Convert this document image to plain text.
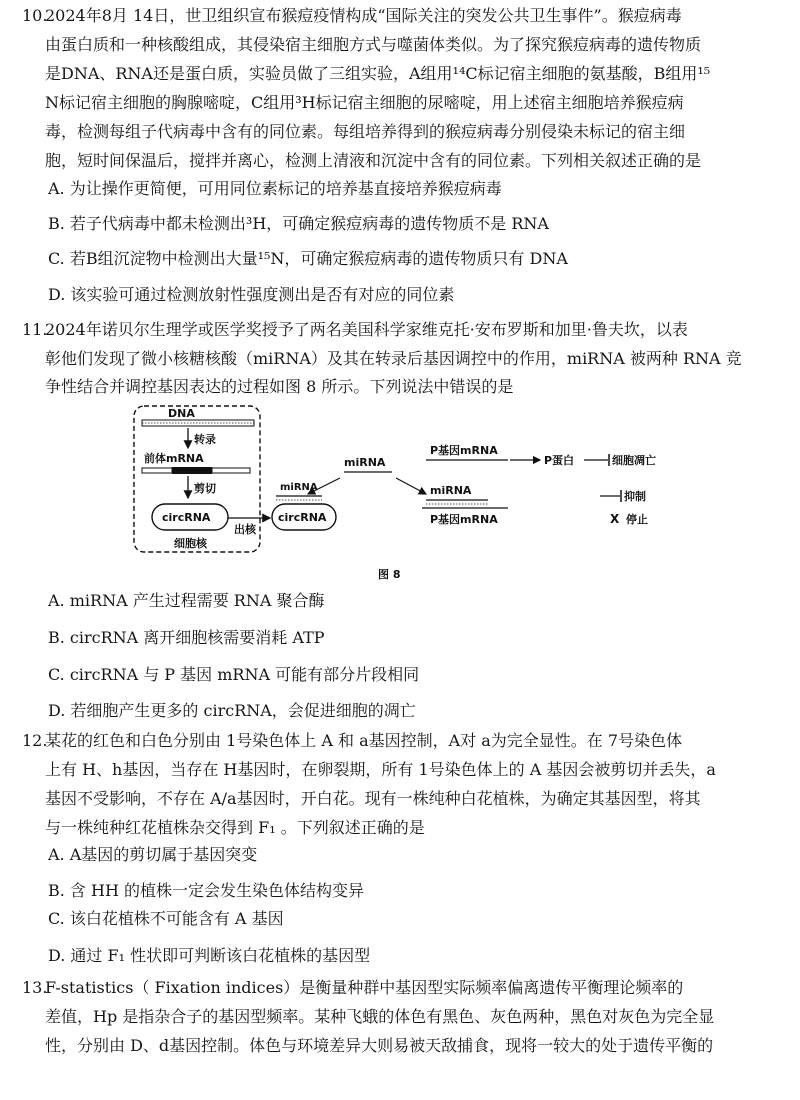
10.
2024年8月 14日，世卫组织宣布猴痘疫情构成“国际关注的突发公共卫生事件”。猴痘病毒
由蛋白质和一种核酸组成，其侵染宿主细胞方式与噬菌体类似。为了探究猴痘病毒的遗传物质
是DNA、RNA还是蛋白质，实验员做了三组实验，A组用¹⁴C标记宿主细胞的氨基酸，B组用¹⁵
N标记宿主细胞的胸腺嘧啶，C组用³H标记宿主细胞的尿嘧啶，用上述宿主细胞培养猴痘病
毒，检测每组子代病毒中含有的同位素。每组培养得到的猴痘病毒分别侵染未标记的宿主细
胞，短时间保温后，搅拌并离心，检测上清液和沉淀中含有的同位素。下列相关叙述正确的是
A. 为让操作更简便，可用同位素标记的培养基直接培养猴痘病毒
B. 若子代病毒中都未检测出³H，可确定猴痘病毒的遗传物质不是 RNA
C. 若B组沉淀物中检测出大量¹⁵N，可确定猴痘病毒的遗传物质只有 DNA
D. 该实验可通过检测放射性强度测出是否有对应的同位素
11.
2024年诺贝尔生理学或医学奖授予了两名美国科学家维克托·安布罗斯和加里·鲁夫坎，以表
彰他们发现了微小核糖核酸（miRNA）及其在转录后基因调控中的作用，miRNA 被两种 RNA 竞
争性结合并调控基因表达的过程如图 8 所示。下列说法中错误的是
DNA
转录
前体mRNA
剪切
circRNA
细胞核
出核
miRNA
circRNA
miRNA
P基因mRNA
P蛋白	细胞凋亡
miRNA
P基因mRNA
抑制
X 停止
图 8
A. miRNA 产生过程需要 RNA 聚合酶
B. circRNA 离开细胞核需要消耗 ATP
C. circRNA 与 P 基因 mRNA 可能有部分片段相同
D. 若细胞产生更多的 circRNA，会促进细胞的凋亡
12.
某花的红色和白色分别由 1号染色体上 A 和 a基因控制，A对 a为完全显性。在 7号染色体
上有 H、h基因，当存在 H基因时，在卵裂期，所有 1号染色体上的 A 基因会被剪切并丢失，a
基因不受影响，不存在 A/a基因时，开白花。现有一株纯种白花植株，为确定其基因型，将其
与一株纯种红花植株杂交得到 F₁ 。下列叙述正确的是
A. A基因的剪切属于基因突变
B. 含 HH 的植株一定会发生染色体结构变异
C. 该白花植株不可能含有 A 基因
D. 通过 F₁ 性状即可判断该白花植株的基因型
13.
F-statistics（ Fixation indices）是衡量种群中基因型实际频率偏离遗传平衡理论频率的
差值，Hp 是指杂合子的基因型频率。某种飞蛾的体色有黑色、灰色两种，黑色对灰色为完全显
性，分别由 D、d基因控制。体色与环境差异大则易被天敌捕食，现将一较大的处于遗传平衡的
